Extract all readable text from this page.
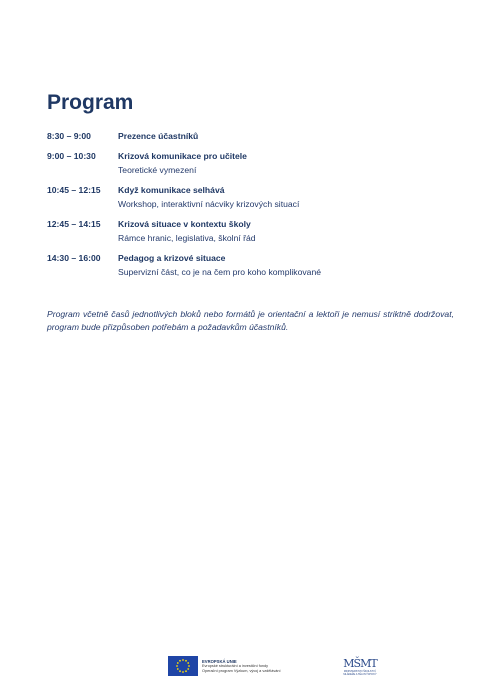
Program
8:30 – 9:00	Prezence účastníků
9:00 – 10:30	Krizová komunikace pro učitele
Teoretické vymezení
10:45 – 12:15	Když komunikace selhává
Workshop, interaktivní nácviky krizových situací
12:45 – 14:15	Krizová situace v kontextu školy
Rámce hranic, legislativa, školní řád
14:30 – 16:00	Pedagog a krizové situace
Supervizní část, co je na čem pro koho komplikované

Program včetně časů jednotlivých bloků nebo formátů je orientační a lektoři je nemusí striktně dodržovat, program bude přizpůsoben potřebám a požadavkům účastníků.

EVROPSKÁ UNIE
Evropské strukturální a investiční fondy
Operační program Výzkum, vývoj a vzdělávání
MŠMT
MINISTERSTVO ŠKOLSTVÍ, MLÁDEŽE A TĚLOVÝCHOVY
